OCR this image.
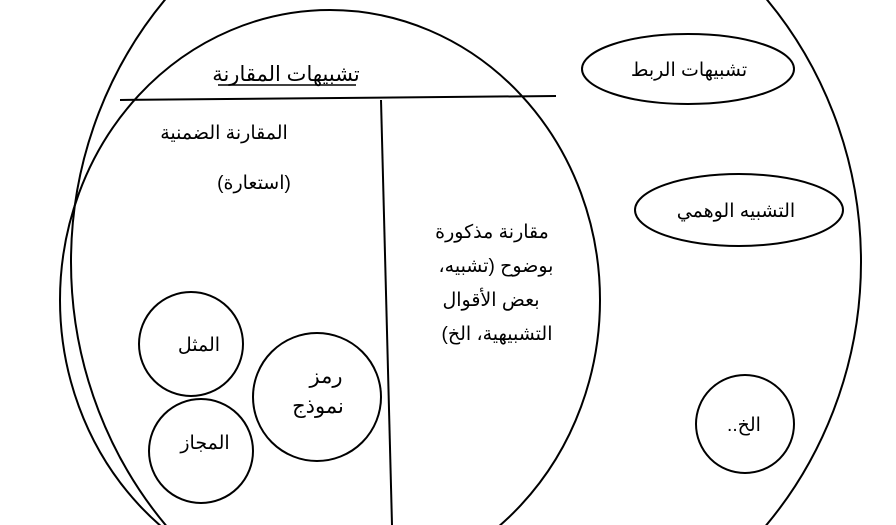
تشبيهات المقارنة	تشبيهات الربط
التشبيه الوهمي
الخ..
مقارنة مذكورة
بوضوح (تشبيه،
بعض الأقوال
التشبيهية، الخ)
المقارنة الضمنية
(استعارة)
المثل
المجاز
رمز
نموذج
